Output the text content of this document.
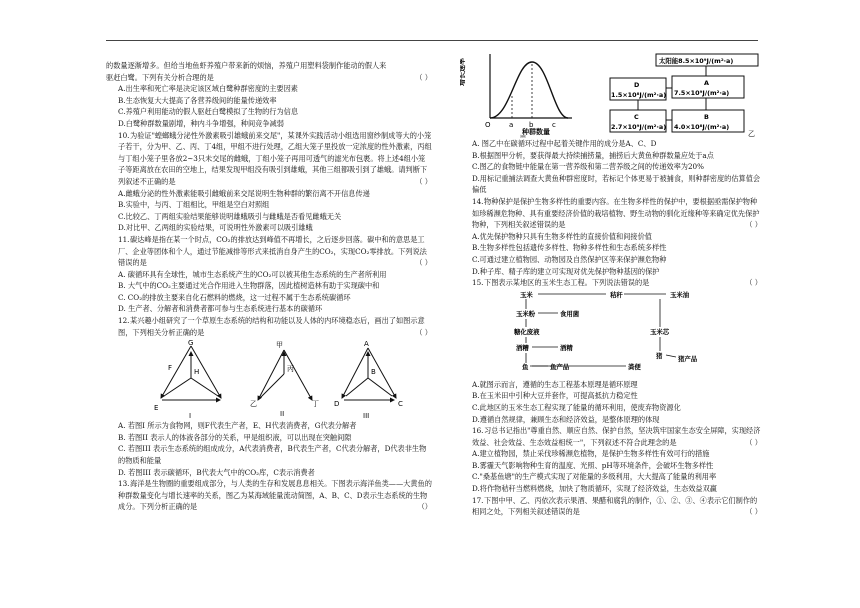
的数量逐渐增多。但给当地鱼虾养殖户带来新的烦恼，养殖户用塑料袋制作能动的假人来

驱赶白鹭。下列有关分析合理的是	（ ）

A.出生率和死亡率是决定该区域白鹭种群密度的主要因素

B.生态恢复大大提高了各营养级间的能量传递效率

C.养殖户利用能动的假人驱赶白鹭模拟了生物的行为信息

D.白鹭种群数量剧增，种内斗争增强，种间竞争减弱

10.为验证"蝗螂蛾分泌性外激素吸引雄蛾前来交尾"，某课外实践活动小组选用窗纱制成等大的小笼子若干，分为甲、乙、丙、丁4组，甲组不进行处理，乙组大笼子里投放一定浓度的性外激素，丙组与丁组小笼子里各放2~3只未交尾的雌蛾，丁组小笼子再用可透气的滤光布包裹。将上述4组小笼子等距离放在农田的空地上，结果发现甲组没有吸引到雄蛾，其他三组都吸引到了雄蛾。请判断下列叙述不正确的是	（ ）

A.雌蛾分泌的性外激素能吸引雌蛾前来交尾说明生物种群的繁衍离不开信息传递

B.实验中，与丙、丁组相比，甲组是空白对照组

C.比较乙、丁两组实验结果能够说明雄蛾吸引与雌蛾是否看见雌蛾无关

D.对比甲、乙两组的实验结果，可说明性外激素可以吸引雄蛾

11.碳达峰是指在某一个时点，CO₂的排放达到峰值不再增长，之后逐步回落。碳中和的意思是工厂、企业等团体和个人，通过节能减排等形式来抵消自身产生的CO₂，实现CO₂零排放。下列说法错误的是	（ ）

A. 碳循环具有全球性，城市生态系统产生的CO₂可以被其他生态系统的生产者所利用

B. 大气中的CO₂主要通过光合作用进入生物群落，因此植树造林有助于实现碳中和

C. CO₂的排放主要来自化石燃料的燃烧，这一过程不属于生态系统碳循环

D. 生产者、分解者和消费者都可参与生态系统进行基本的碳循环

12.某兴趣小组研究了一个草原生态系统的结构和功能以及人体的内环境稳态后，画出了如图示意图，下列相关分析正确的是	（ ）

G
F	H
E
I
甲
丙
乙	丁
II
A
B
D	C
III

A. 若图I 所示为食物网，则F代表生产者，E、H代表消费者，G代表分解者

B. 若图II 表示人的体液各部分的关系，甲是组织液，可以出现在突触间隙

C. 若图III 表示生态系统的组成成分，A代表消费者，B代表生产者，C代表分解者，D代表非生物的物质和能量

D. 若图III 表示碳循环，B代表大气中的CO₂库，C表示消费者

13.海洋是生物圈的重要组成部分，与人类的生存和发展息息相关。下图表示海洋鱼类——大黄鱼的种群数量变化与增长速率的关系，图乙为某海域能量流动简图，A、B、C、D表示生态系统的生物成分。下列分析正确的是	（）

增长速率
O	a b	c
种群数量
太阳能8.5×10⁹J/(m²·a)
A
7.5×10⁹J/(m²·a)
D
1.5×10⁸J/(m²·a)
C
2.7×10⁹J/(m²·a)
B
4.0×10⁸J/(m²·a)
乙

A. 图乙中在碳循环过程中起着关键作用的成分是A、C、D

B.根据图甲分析，要获得最大持续捕捞量，捕捞后大黄鱼种群数量应处于a点

C.图乙的食物链中能量在第一营养级和第二营养级之间的传递效率为20%

D.用标记重捕法调查大黄鱼种群密度时，若标记个体更易于被捕食，则种群密度的估算值会偏低

14.物种保护是保护生物多样性的重要内容。在生物多样性的保护中，要根据亟需保护物种如珍稀濒危物种、具有重要经济价值的栽培植物、野生动物的驯化近缘种等来确定优先保护物种，下列相关叙述错误的是	（ ）

A.优先保护物种只具有生物多样性的直接价值和间接价值

B.生物多样性包括遗传多样性、物种多样性和生态系统多样性

C.可通过建立植物园、动物园及自然保护区等来保护濒危物种

D.种子库、精子库的建立可实现对优先保护物种基因的保护

15.下图表示某地区的玉米生态工程。下列说法错误的是	（ ）

玉米	秸秆	玉米油
玉米粉	食用菌
糖化废液
酒糟	酒精
玉米芯
猪
鱼	鱼产品	粪便
猪产品

A.就图示而言，遵循的生态工程基本原理是循环原理

B.在玉米田中引种大豆并套作，可提高抵抗力稳定性

C.此地区的玉米生态工程实现了能量的循环利用，使废弃物资源化

D.遵循自然规律，兼顾生态和经济效益，是整体原理的体现

16.习总书记指出"尊重自然、顺应自然、保护自然，坚决筑牢国家生态安全屏障，实现经济效益、社会效益、生态效益相统一"，下列叙述不符合此理念的是	（ ）

A.建立植物园，禁止采伐珍稀濒危植物，是保护生物多样性有效可行的措施

B.雾霾天气影响物种生育的温度、光照、pH等环境条件，会破坏生物多样性

C."桑基鱼塘"的生产模式实现了对能量的多级利用，大大提高了能量的利用率

D.将作物秸秆当燃料燃烧，加快了物质循环，实现了经济效益，生态效益双赢

17.下图中甲、乙、丙依次表示果酒、果醋和腐乳的制作，①、②、③、④表示它们制作的相同之处，下列相关叙述错误的是	（ ）
